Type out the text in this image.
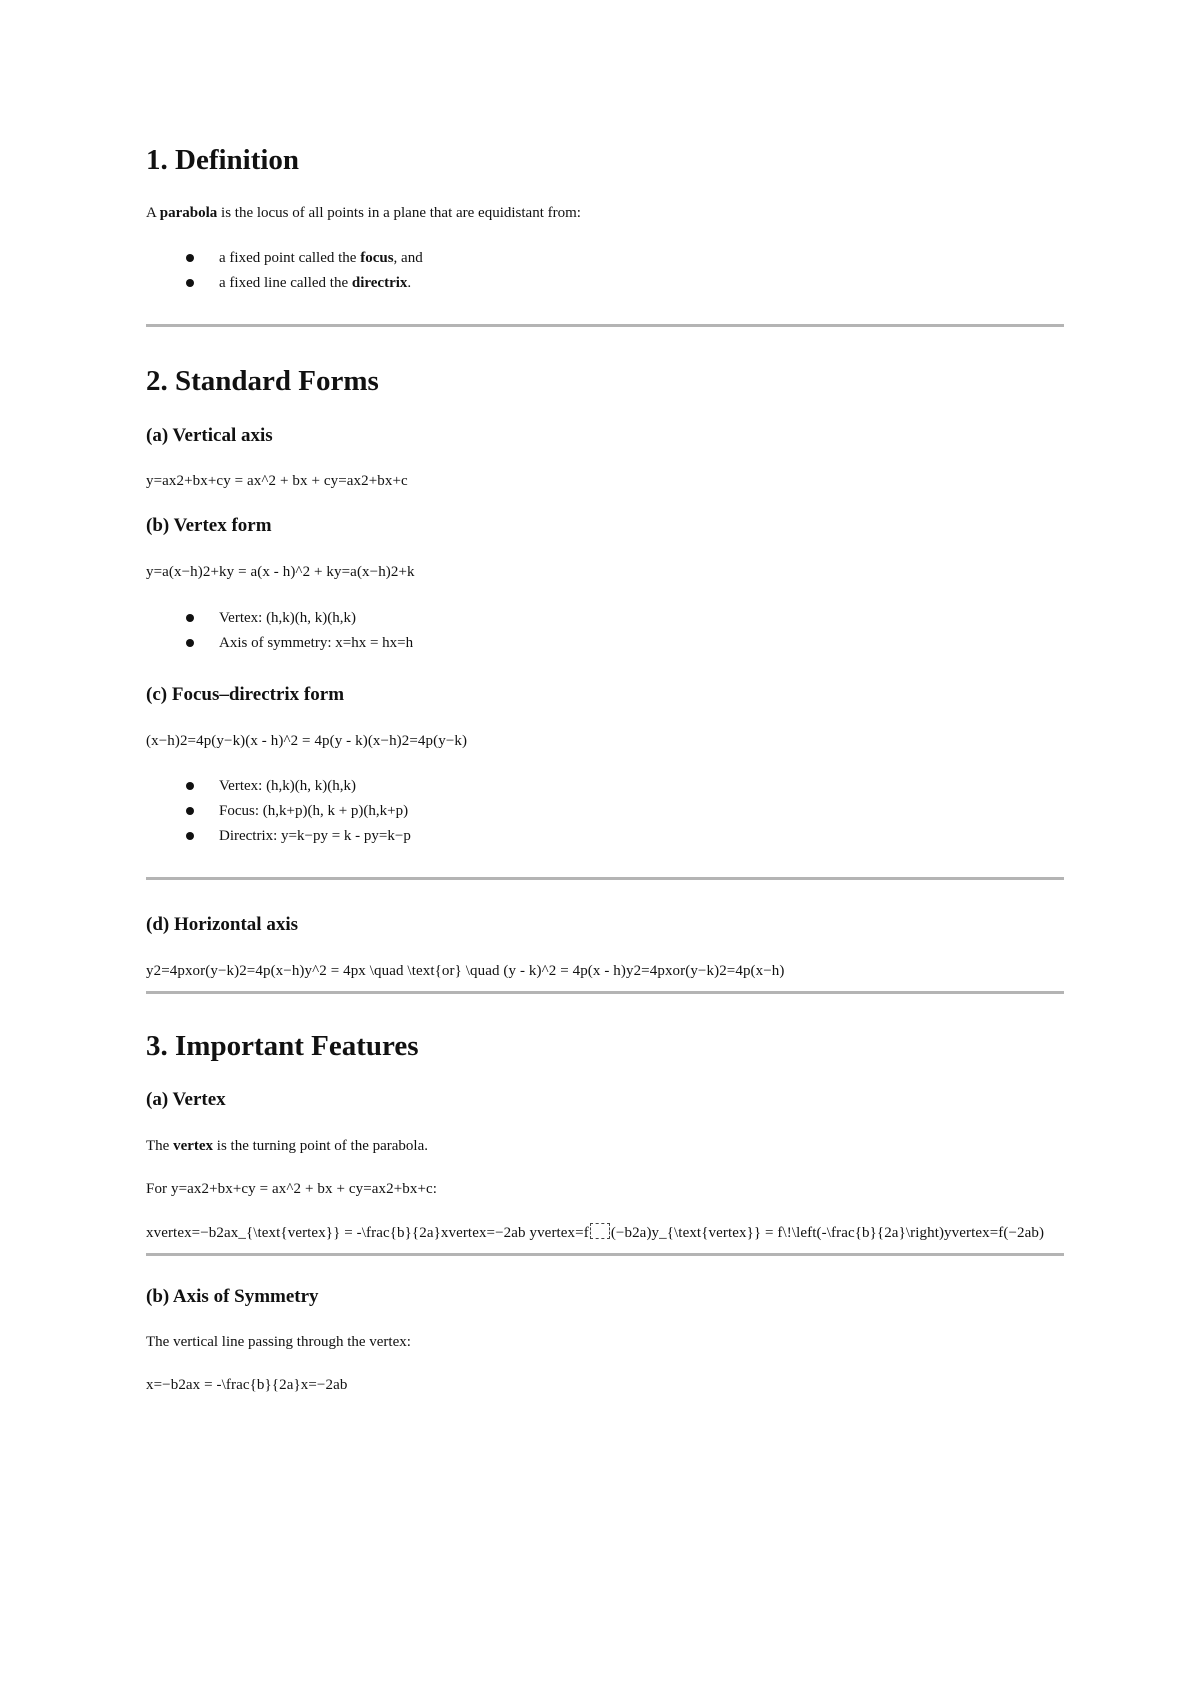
1. Definition

A parabola is the locus of all points in a plane that are equidistant from:

a fixed point called the focus, and
a fixed line called the directrix.
2. Standard Forms
(a) Vertical axis

y=ax2+bx+cy = ax^2 + bx + cy=ax2+bx+c

(b) Vertex form

y=a(x−h)2+ky = a(x - h)^2 + ky=a(x−h)2+k

Vertex: (h,k)(h, k)(h,k)
Axis of symmetry: x=hx = hx=h
(c) Focus–directrix form

(x−h)2=4p(y−k)(x - h)^2 = 4p(y - k)(x−h)2=4p(y−k)

Vertex: (h,k)(h, k)(h,k)
Focus: (h,k+p)(h, k + p)(h,k+p)
Directrix: y=k−py = k - py=k−p
(d) Horizontal axis

y2=4pxor(y−k)2=4p(x−h)y^2 = 4px \quad \text{or} \quad (y - k)^2 = 4p(x - h)y2=4pxor(y−k)2=4p(x−h)

3. Important Features
(a) Vertex

The vertex is the turning point of the parabola.

For y=ax2+bx+cy = ax^2 + bx + cy=ax2+bx+c:

xvertex=−b2ax_{\text{vertex}} = -\frac{b}{2a}xvertex=−2ab yvertex=f (−b2a)y_{\text{vertex}} = f\!\left(-\frac{b}{2a}\right)yvertex=f(−2ab)

(b) Axis of Symmetry

The vertical line passing through the vertex:

x=−b2ax = -\frac{b}{2a}x=−2ab
